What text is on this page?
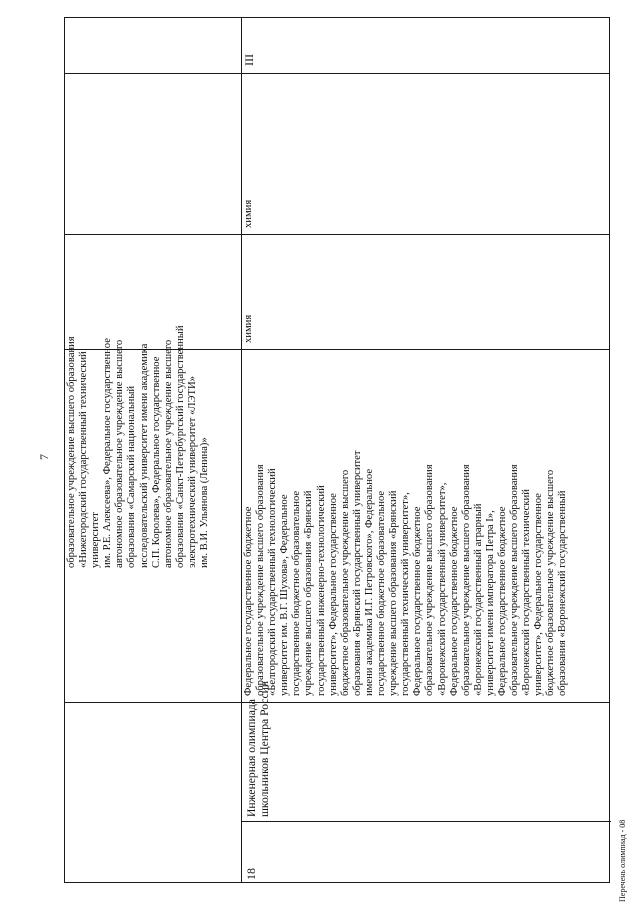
7 образовательное учреждение высшего образования «Нижегородский государственный технический университет им. Р.Е. Алексеева», Федеральное государственное автономное образовательное учреждение высшего образования «Самарский национальный исследовательский университет имени академика С.П. Королева», Федеральное государственное автономное образовательное учреждение высшего образования «Санкт-Петербургский государственный электротехнический университет «ЛЭТИ» им. В.И. Ульянова (Ленина)»
18
Инженерная олимпиада школьников Центра России
Федеральное государственное бюджетное образовательное учреждение высшего образования «Белгородский государственный технологический университет им. В.Г. Шухова», Федеральное государственное бюджетное образовательное учреждение высшего образования «Брянский государственный инженерно-технологический университет», Федеральное государственное бюджетное образовательное учреждение высшего образования «Брянский государственный университет имени академика И.Г. Петровского», Федеральное государственное бюджетное образовательное учреждение высшего образования «Брянский государственный технический университет», Федеральное государственное бюджетное образовательное учреждение высшего образования «Воронежский государственный университет», Федеральное государственное бюджетное образовательное учреждение высшего образования «Воронежский государственный аграрный университет имени императора Петра I», Федеральное государственное бюджетное образовательное учреждение высшего образования «Воронежский государственный технический университет», Федеральное государственное бюджетное образовательное учреждение высшего образования «Воронежский государственный
химия
химия
III
Перечень олимпиад - 08
